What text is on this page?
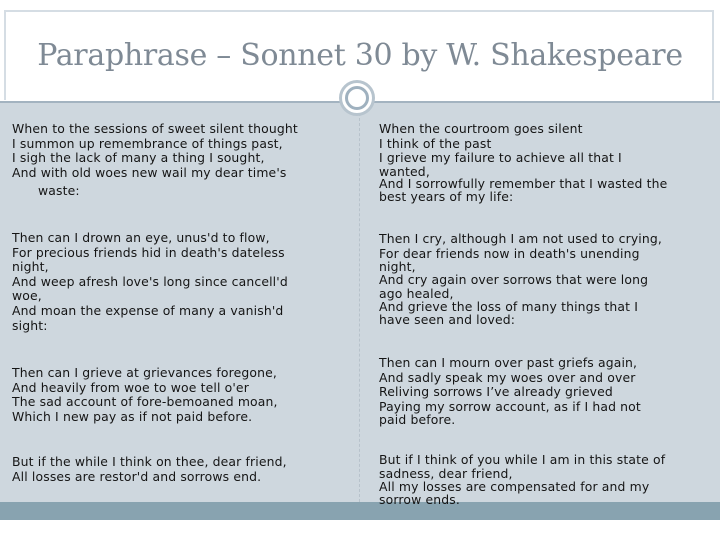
Paraphrase – Sonnet 30 by W. Shakespeare
When to the sessions of sweet silent thought
I summon up remembrance of things past,
I sigh the lack of many a thing I sought,
And with old woes new wail my dear time's
waste:
When the courtroom goes silent
I think of the past
I grieve my failure to achieve all that I
wanted,
And I sorrowfully remember that I wasted the
best years of my life:
Then can I drown an eye, unus'd to flow,
For precious friends hid in death's dateless
night,
And weep afresh love's long since cancell'd
woe,
And moan the expense of many a vanish'd
sight:
Then I cry, although I am not used to crying,
For dear friends now in death's unending
night,
And cry again over sorrows that were long
ago healed,
And grieve the loss of many things that I
have seen and loved:
Then can I grieve at grievances foregone,
And heavily from woe to woe tell o'er
The sad account of fore-bemoaned moan,
Which I new pay as if not paid before.
Then can I mourn over past griefs again,
And sadly speak my woes over and over
Reliving sorrows I’ve already grieved
Paying my sorrow account, as if I had not
paid before.
But if the while I think on thee, dear friend,
All losses are restor'd and sorrows end.
But if I think of you while I am in this state of
sadness, dear friend,
All my losses are compensated for and my
sorrow ends.
